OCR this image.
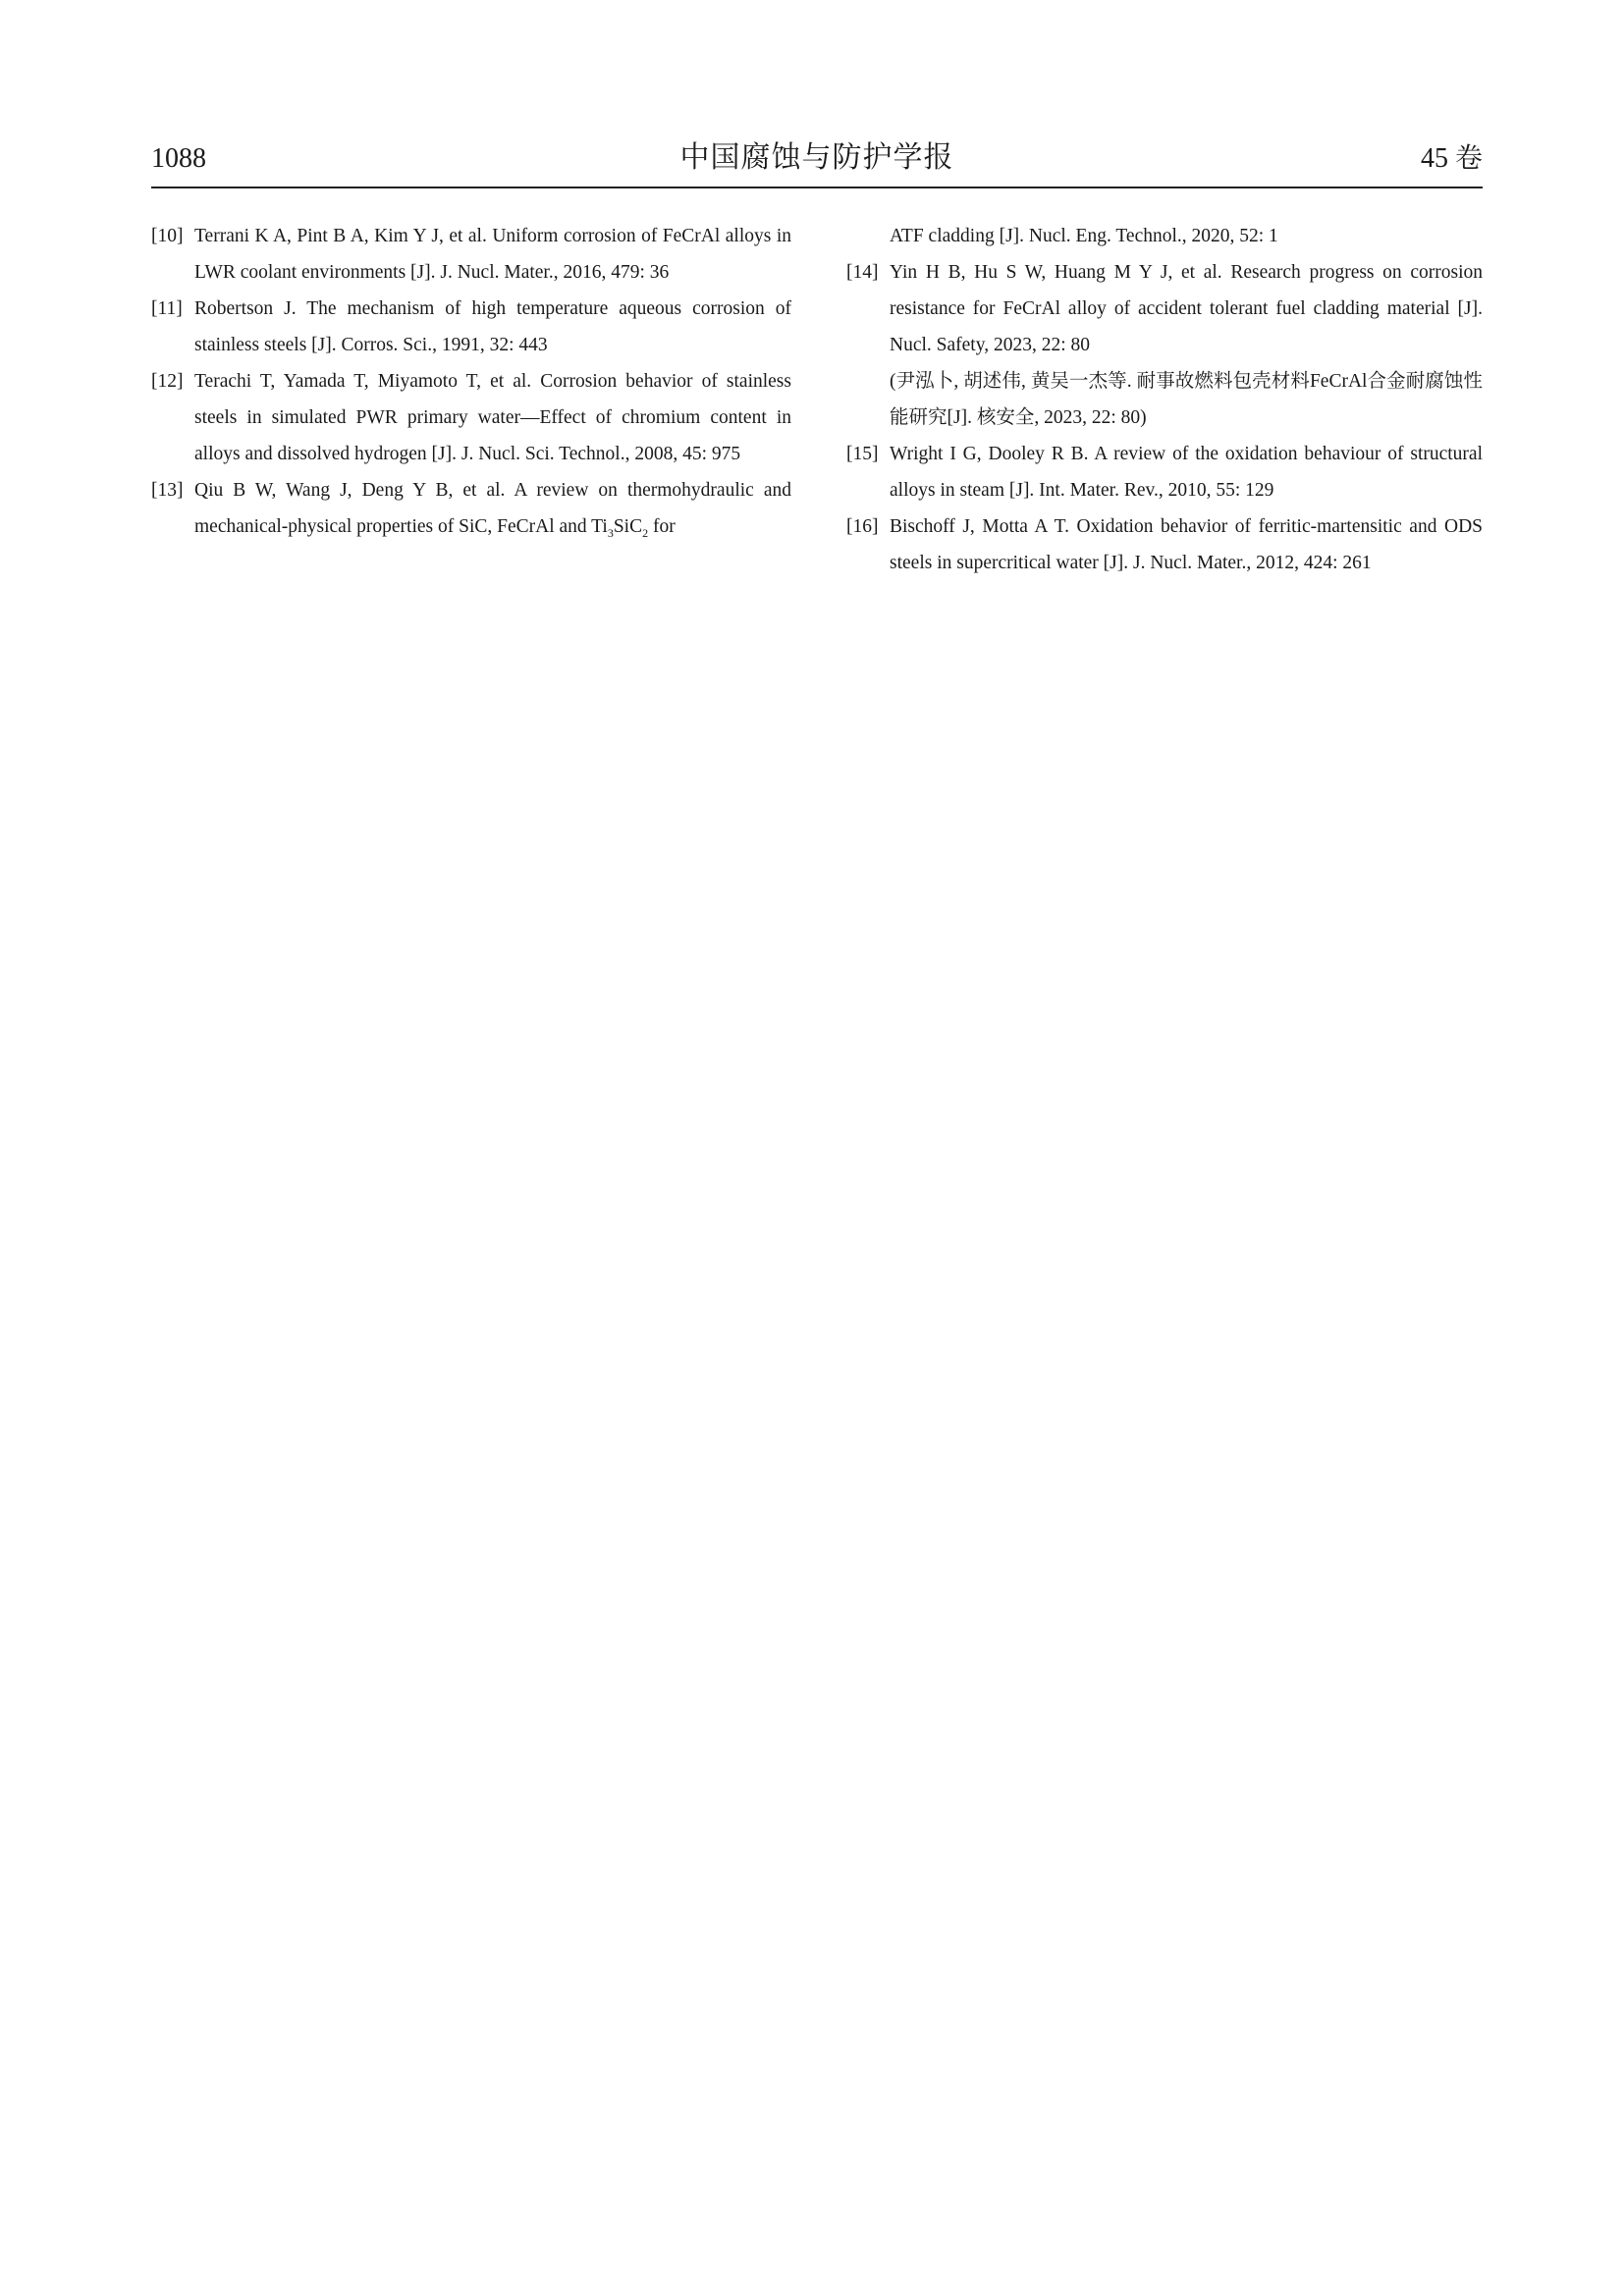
1088	中国腐蚀与防护学报	45 卷
[10] Terrani K A, Pint B A, Kim Y J, et al. Uniform corrosion of FeCrAl alloys in LWR coolant environments [J]. J. Nucl. Mater., 2016, 479: 36
[11] Robertson J. The mechanism of high temperature aqueous corrosion of stainless steels [J]. Corros. Sci., 1991, 32: 443
[12] Terachi T, Yamada T, Miyamoto T, et al. Corrosion behavior of stainless steels in simulated PWR primary water—Effect of chromium content in alloys and dissolved hydrogen [J]. J. Nucl. Sci. Technol., 2008, 45: 975
[13] Qiu B W, Wang J, Deng Y B, et al. A review on thermohydraulic and mechanical-physical properties of SiC, FeCrAl and $Ti_3SiC_2$ for
ATF cladding [J]. Nucl. Eng. Technol., 2020, 52: 1
[14] Yin H B, Hu S W, Huang M Y J, et al. Research progress on corrosion resistance for FeCrAl alloy of accident tolerant fuel cladding material [J]. Nucl. Safety, 2023, 22: 80
(尹泓卜, 胡述伟, 黄吴一杰等. 耐事故燃料包壳材料FeCrAl合金耐腐蚀性能研究[J]. 核安全, 2023, 22: 80)
[15] Wright I G, Dooley R B. A review of the oxidation behaviour of structural alloys in steam [J]. Int. Mater. Rev., 2010, 55: 129
[16] Bischoff J, Motta A T. Oxidation behavior of ferritic-martensitic and ODS steels in supercritical water [J]. J. Nucl. Mater., 2012, 424: 261
